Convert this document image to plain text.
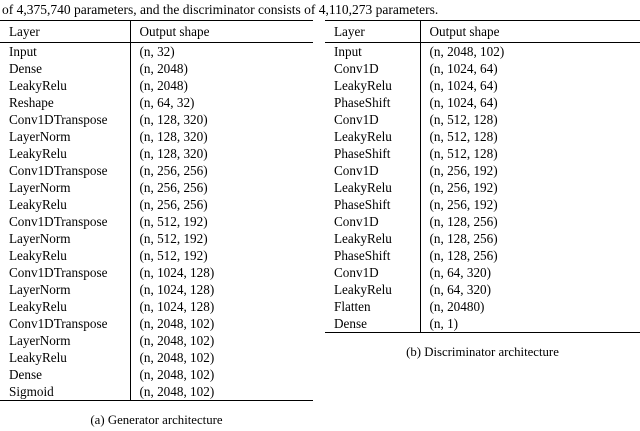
of 4,375,740 parameters, and the discriminator consists of 4,110,273 parameters.
Layer	Output shape
Input	(n, 32)
Dense	(n, 2048)
LeakyRelu	(n, 2048)
Reshape	(n, 64, 32)
Conv1DTranspose	(n, 128, 320)
LayerNorm	(n, 128, 320)
LeakyRelu	(n, 128, 320)
Conv1DTranspose	(n, 256, 256)
LayerNorm	(n, 256, 256)
LeakyRelu	(n, 256, 256)
Conv1DTranspose	(n, 512, 192)
LayerNorm	(n, 512, 192)
LeakyRelu	(n, 512, 192)
Conv1DTranspose	(n, 1024, 128)
LayerNorm	(n, 1024, 128)
LeakyRelu	(n, 1024, 128)
Conv1DTranspose	(n, 2048, 102)
LayerNorm	(n, 2048, 102)
LeakyRelu	(n, 2048, 102)
Dense	(n, 2048, 102)
Sigmoid	(n, 2048, 102)
(a) Generator architecture
Layer	Output shape
Input	(n, 2048, 102)
Conv1D	(n, 1024, 64)
LeakyRelu	(n, 1024, 64)
PhaseShift	(n, 1024, 64)
Conv1D	(n, 512, 128)
LeakyRelu	(n, 512, 128)
PhaseShift	(n, 512, 128)
Conv1D	(n, 256, 192)
LeakyRelu	(n, 256, 192)
PhaseShift	(n, 256, 192)
Conv1D	(n, 128, 256)
LeakyRelu	(n, 128, 256)
PhaseShift	(n, 128, 256)
Conv1D	(n, 64, 320)
LeakyRelu	(n, 64, 320)
Flatten	(n, 20480)
Dense	(n, 1)
(b) Discriminator architecture
